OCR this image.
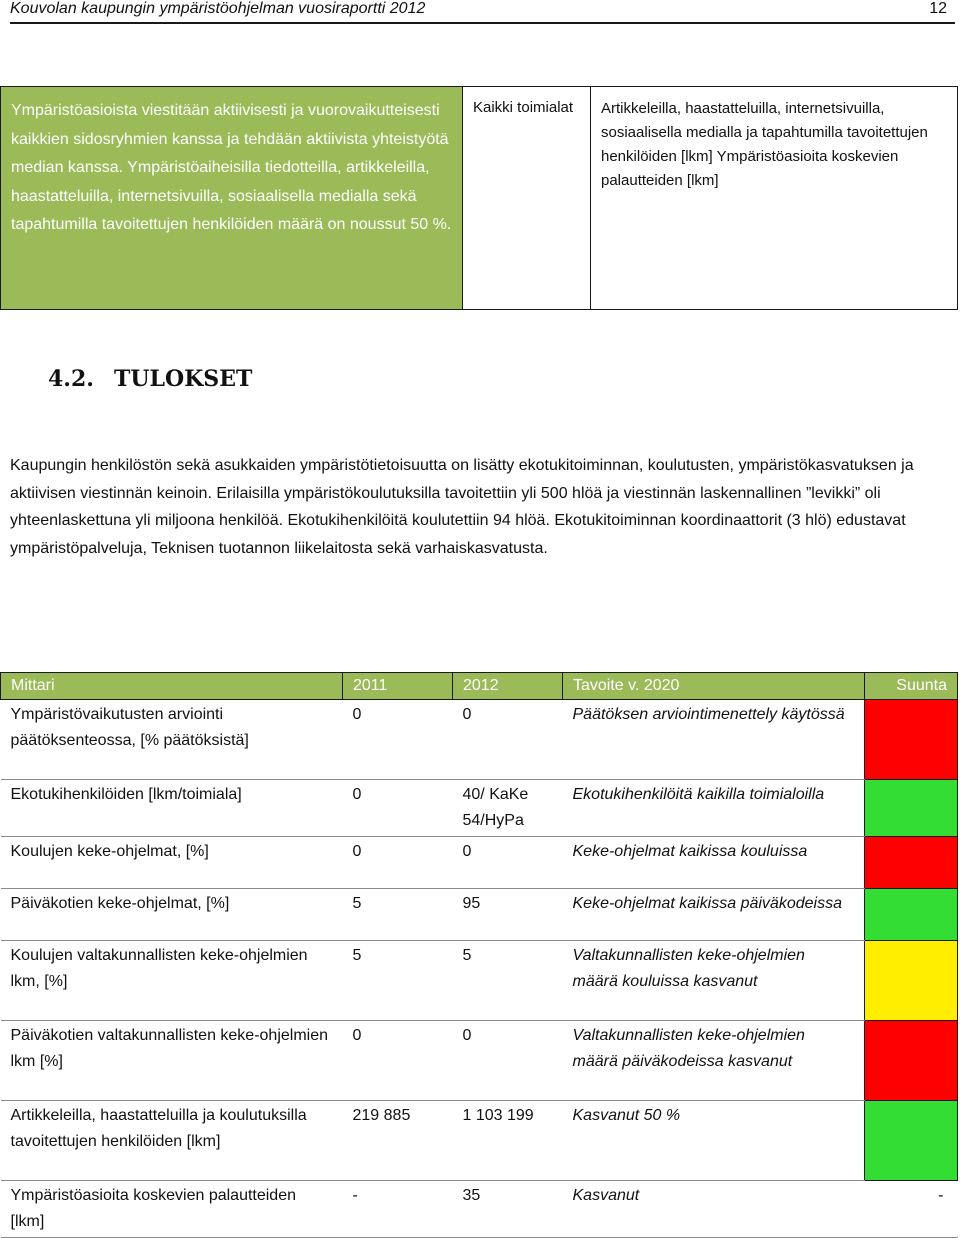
Kouvolan kaupungin ympäristöohjelman vuosiraportti 2012	12
Ympäristöasioista viestitään aktiivisesti ja vuorovaikutteisesti kaikkien sidosryhmien kanssa ja tehdään aktiivista yhteistyötä median kanssa. Ympäristöaiheisilla tiedotteilla, artikkeleilla, haastatteluilla, internetsivuilla, sosiaalisella medialla sekä tapahtumilla tavoitettujen henkilöiden määrä on noussut 50 %.	Kaikki toimialat	Artikkeleilla, haastatteluilla, internetsivuilla, sosiaalisella medialla ja tapahtumilla tavoitettujen henkilöiden [lkm] Ympäristöasioita koskevien palautteiden [lkm]
4.2. TULOKSET
Kaupungin henkilöstön sekä asukkaiden ympäristötietoisuutta on lisätty ekotukitoiminnan, koulutusten, ympäristökasvatuksen ja aktiivisen viestinnän keinoin. Erilaisilla ympäristökoulutuksilla tavoitettiin yli 500 hlöä ja viestinnän laskennallinen ”levikki” oli yhteenlaskettuna yli miljoona henkilöä. Ekotukihenkilöitä koulutettiin 94 hlöä. Ekotukitoiminnan koordinaattorit (3 hlö) edustavat ympäristöpalveluja, Teknisen tuotannon liikelaitosta sekä varhaiskasvatusta.
Mittari	2011	2012	Tavoite v. 2020	Suunta
Ympäristövaikutusten arviointi päätöksenteossa, [% päätöksistä]	0	0	Päätöksen arviointimenettely käytössä	
Ekotukihenkilöiden [lkm/toimiala]	0	40/ KaKe 54/HyPa	Ekotukihenkilöitä kaikilla toimialoilla	
Koulujen keke-ohjelmat, [%]	0	0	Keke-ohjelmat kaikissa kouluissa	
Päiväkotien keke-ohjelmat, [%]	5	95	Keke-ohjelmat kaikissa päiväkodeissa	
Koulujen valtakunnallisten keke-ohjelmien lkm, [%]	5	5	Valtakunnallisten keke-ohjelmien määrä kouluissa kasvanut	
Päiväkotien valtakunnallisten keke-ohjelmien lkm [%]	0	0	Valtakunnallisten keke-ohjelmien määrä päiväkodeissa kasvanut	
Artikkeleilla, haastatteluilla ja koulutuksilla tavoitettujen henkilöiden [lkm]	219 885	1 103 199	Kasvanut 50 %	
Ympäristöasioita koskevien palautteiden [lkm]	-	35	Kasvanut	-
